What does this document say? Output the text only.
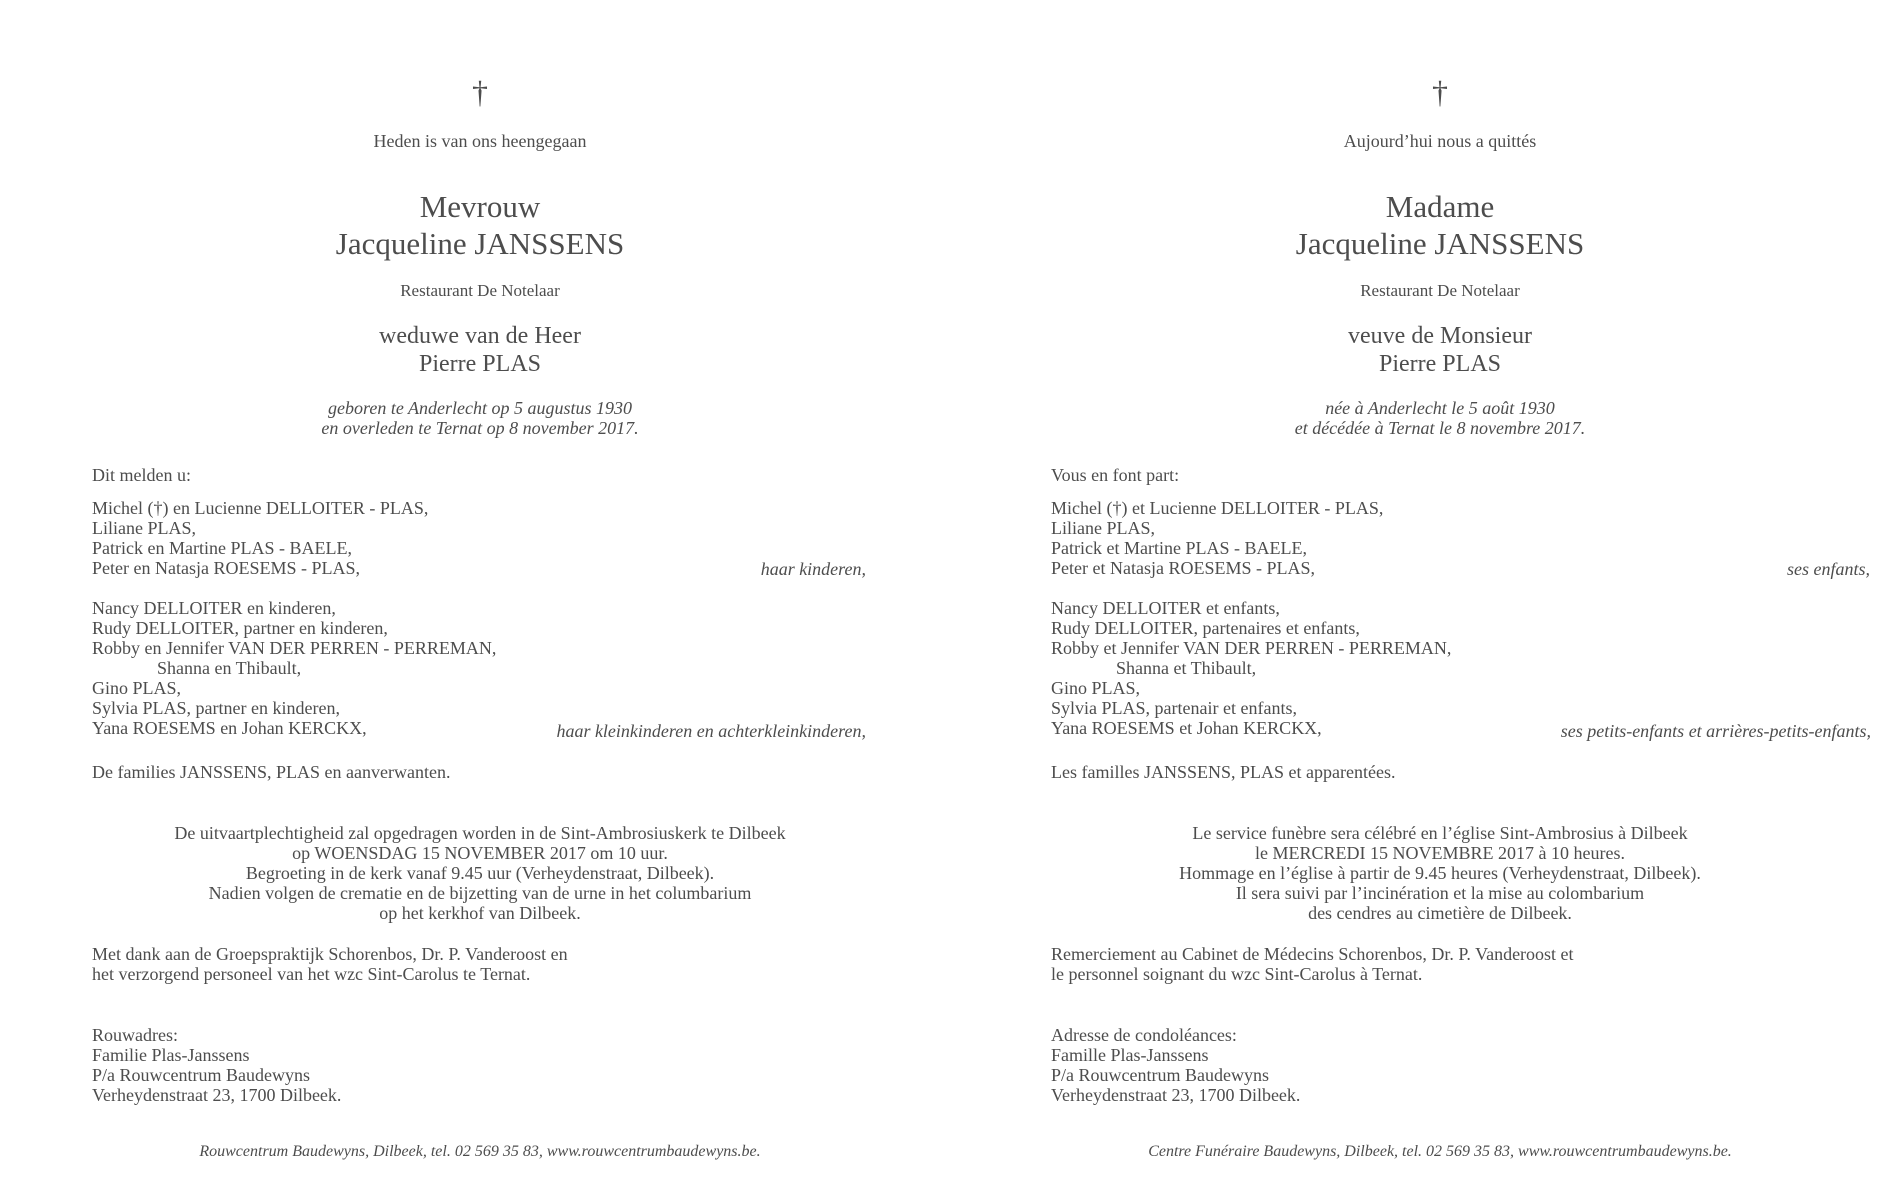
†
Heden is van ons heengegaan
Mevrouw
Jacqueline JANSSENS
Restaurant De Notelaar
weduwe van de Heer
Pierre PLAS
geboren te Anderlecht op 5 augustus 1930
en overleden te Ternat op 8 november 2017.
Dit melden u:
Michel (†) en Lucienne DELLOITER - PLAS,
Liliane PLAS,
Patrick en Martine PLAS - BAELE,
Peter en Natasja ROESEMS - PLAS,
Nancy DELLOITER en kinderen,
Rudy DELLOITER, partner en kinderen,
Robby en Jennifer VAN DER PERREN - PERREMAN,
Shanna en Thibault,
Gino PLAS,
Sylvia PLAS, partner en kinderen,
Yana ROESEMS en Johan KERCKX,
haar kinderen,
haar kleinkinderen en achterkleinkinderen,
De families JANSSENS, PLAS en aanverwanten.
De uitvaartplechtigheid zal opgedragen worden in de Sint-Ambrosiuskerk te Dilbeek
op WOENSDAG 15 NOVEMBER 2017 om 10 uur.
Begroeting in de kerk vanaf 9.45 uur (Verheydenstraat, Dilbeek).
Nadien volgen de crematie en de bijzetting van de urne in het columbarium
op het kerkhof van Dilbeek.
Met dank aan de Groepspraktijk Schorenbos, Dr. P. Vanderoost en
het verzorgend personeel van het wzc Sint-Carolus te Ternat.
Rouwadres:
Familie Plas-Janssens
P/a Rouwcentrum Baudewyns
Verheydenstraat 23, 1700 Dilbeek.
Rouwcentrum Baudewyns, Dilbeek, tel. 02 569 35 83, www.rouwcentrumbaudewyns.be.
†
Aujourd’hui nous a quittés
Madame
Jacqueline JANSSENS
Restaurant De Notelaar
veuve de Monsieur
Pierre PLAS
née à Anderlecht le 5 août 1930
et décédée à Ternat le 8 novembre 2017.
Vous en font part:
Michel (†) et Lucienne DELLOITER - PLAS,
Liliane PLAS,
Patrick et Martine PLAS - BAELE,
Peter et Natasja ROESEMS - PLAS,
Nancy DELLOITER et enfants,
Rudy DELLOITER, partenaires et enfants,
Robby et Jennifer VAN DER PERREN - PERREMAN,
Shanna et Thibault,
Gino PLAS,
Sylvia PLAS, partenair et enfants,
Yana ROESEMS et Johan KERCKX,
ses enfants,
ses petits-enfants et arrières-petits-enfants,
Les familles JANSSENS, PLAS et apparentées.
Le service funèbre sera célébré en l’église Sint-Ambrosius à Dilbeek
le MERCREDI 15 NOVEMBRE 2017 à 10 heures.
Hommage en l’église à partir de 9.45 heures (Verheydenstraat, Dilbeek).
Il sera suivi par l’incinération et la mise au colombarium
des cendres au cimetière de Dilbeek.
Remerciement au Cabinet de Médecins Schorenbos, Dr. P. Vanderoost et
le personnel soignant du wzc Sint-Carolus à Ternat.
Adresse de condoléances:
Famille Plas-Janssens
P/a Rouwcentrum Baudewyns
Verheydenstraat 23, 1700 Dilbeek.
Centre Funéraire Baudewyns, Dilbeek, tel. 02 569 35 83, www.rouwcentrumbaudewyns.be.
